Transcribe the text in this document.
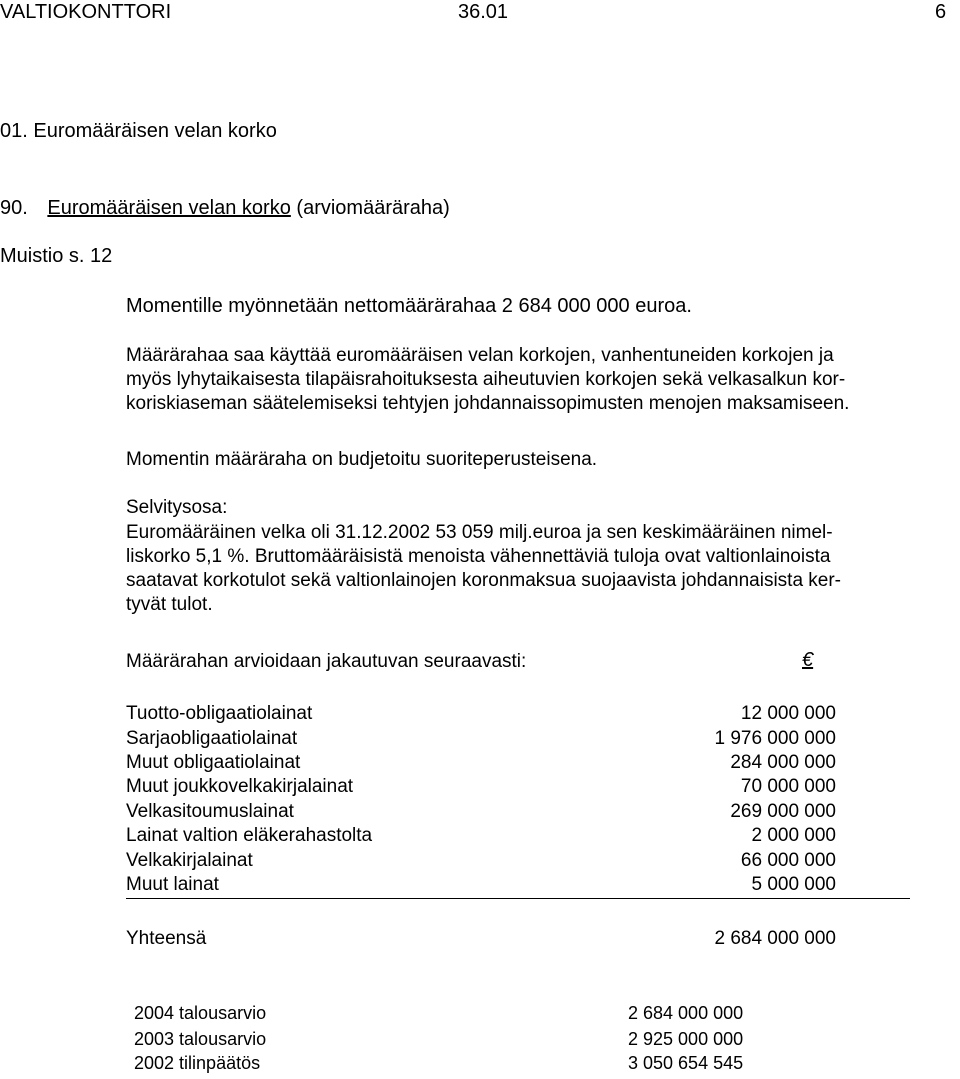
VALTIOKONTTORI	36.01	6
01. Euromääräisen velan korko
90. Euromääräisen velan korko (arviomääräraha)
Muistio s. 12
Momentille myönnetään nettomäärärahaa 2 684 000 000 euroa.
Määrärahaa saa käyttää euromääräisen velan korkojen, vanhentuneiden korkojen ja
myös lyhytaikaisesta tilapäisrahoituksesta aiheutuvien korkojen sekä velkasalkun kor-
koriskiaseman säätelemiseksi tehtyjen johdannaissopimusten menojen maksamiseen.
Momentin määräraha on budjetoitu suoriteperusteisena.
Selvitysosa:
Euromääräinen velka oli 31.12.2002 53 059 milj.euroa ja sen keskimääräinen nimel-
liskorko 5,1 %. Bruttomääräisistä menoista vähennettäviä tuloja ovat valtionlainoista
saatavat korkotulot sekä valtionlainojen koronmaksua suojaavista johdannaisista ker-
tyvät tulot.
Määrärahan arvioidaan jakautuvan seuraavasti:	€
Tuotto-obligaatiolainat	12 000 000
Sarjaobligaatiolainat	1 976 000 000
Muut obligaatiolainat	284 000 000
Muut joukkovelkakirjalainat	70 000 000
Velkasitoumuslainat	269 000 000
Lainat valtion eläkerahastolta	2 000 000
Velkakirjalainat	66 000 000
Muut lainat	5 000 000
Yhteensä	2 684 000 000
2004 talousarvio	2 684 000 000
2003 talousarvio	2 925 000 000
2002 tilinpäätös	3 050 654 545
